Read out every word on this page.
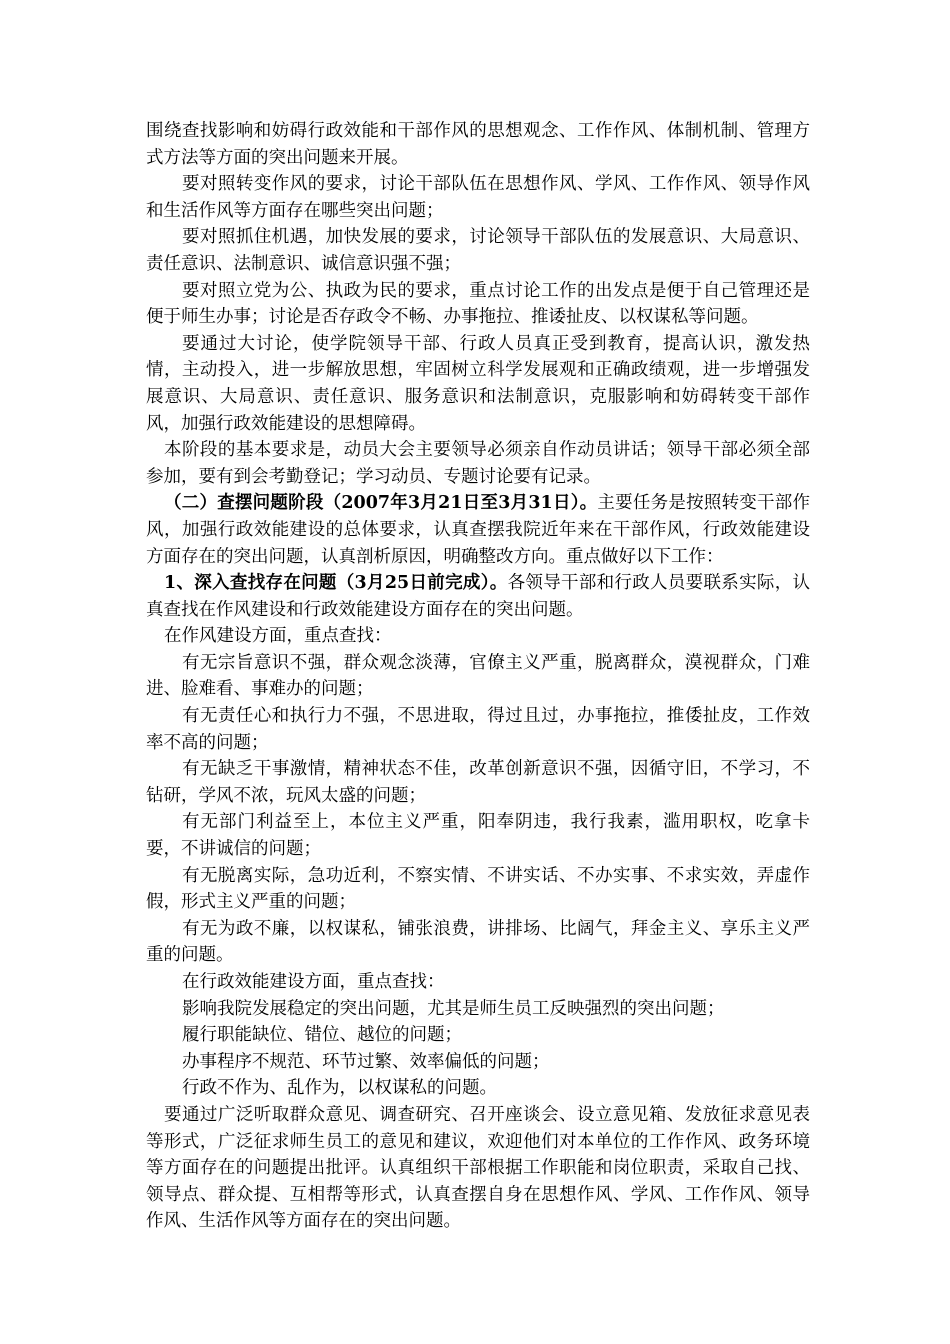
围绕查找影响和妨碍行政效能和干部作风的思想观念、工作作风、体制机制、管理方式方法等方面的突出问题来开展。

要对照转变作风的要求，讨论干部队伍在思想作风、学风、工作作风、领导作风和生活作风等方面存在哪些突出问题；

要对照抓住机遇，加快发展的要求，讨论领导干部队伍的发展意识、大局意识、责任意识、法制意识、诚信意识强不强；

要对照立党为公、执政为民的要求，重点讨论工作的出发点是便于自己管理还是便于师生办事；讨论是否存政令不畅、办事拖拉、推诿扯皮、以权谋私等问题。

要通过大讨论，使学院领导干部、行政人员真正受到教育，提高认识，激发热情，主动投入，进一步解放思想，牢固树立科学发展观和正确政绩观，进一步增强发展意识、大局意识、责任意识、服务意识和法制意识，克服影响和妨碍转变干部作风，加强行政效能建设的思想障碍。

本阶段的基本要求是，动员大会主要领导必须亲自作动员讲话；领导干部必须全部参加，要有到会考勤登记；学习动员、专题讨论要有记录。

（二）查摆问题阶段（2007年3月21日至3月31日）。主要任务是按照转变干部作风，加强行政效能建设的总体要求，认真查摆我院近年来在干部作风，行政效能建设方面存在的突出问题，认真剖析原因，明确整改方向。重点做好以下工作：

1、深入查找存在问题（3月25日前完成）。各领导干部和行政人员要联系实际，认真查找在作风建设和行政效能建设方面存在的突出问题。

在作风建设方面，重点查找：

有无宗旨意识不强，群众观念淡薄，官僚主义严重，脱离群众，漠视群众，门难进、脸难看、事难办的问题；

有无责任心和执行力不强，不思进取，得过且过，办事拖拉，推倭扯皮，工作效率不高的问题；

有无缺乏干事激情，精神状态不佳，改革创新意识不强，因循守旧，不学习，不钻研，学风不浓，玩风太盛的问题；

有无部门利益至上，本位主义严重，阳奉阴违，我行我素，滥用职权，吃拿卡要，不讲诚信的问题；

有无脱离实际，急功近利，不察实情、不讲实话、不办实事、不求实效，弄虚作假，形式主义严重的问题；

有无为政不廉，以权谋私，铺张浪费，讲排场、比阔气，拜金主义、享乐主义严重的问题。

在行政效能建设方面，重点查找：

影响我院发展稳定的突出问题，尤其是师生员工反映强烈的突出问题；

履行职能缺位、错位、越位的问题；

办事程序不规范、环节过繁、效率偏低的问题；

行政不作为、乱作为，以权谋私的问题。

要通过广泛听取群众意见、调查研究、召开座谈会、设立意见箱、发放征求意见表等形式，广泛征求师生员工的意见和建议，欢迎他们对本单位的工作作风、政务环境等方面存在的问题提出批评。认真组织干部根据工作职能和岗位职责，采取自己找、领导点、群众提、互相帮等形式，认真查摆自身在思想作风、学风、工作作风、领导作风、生活作风等方面存在的突出问题。
